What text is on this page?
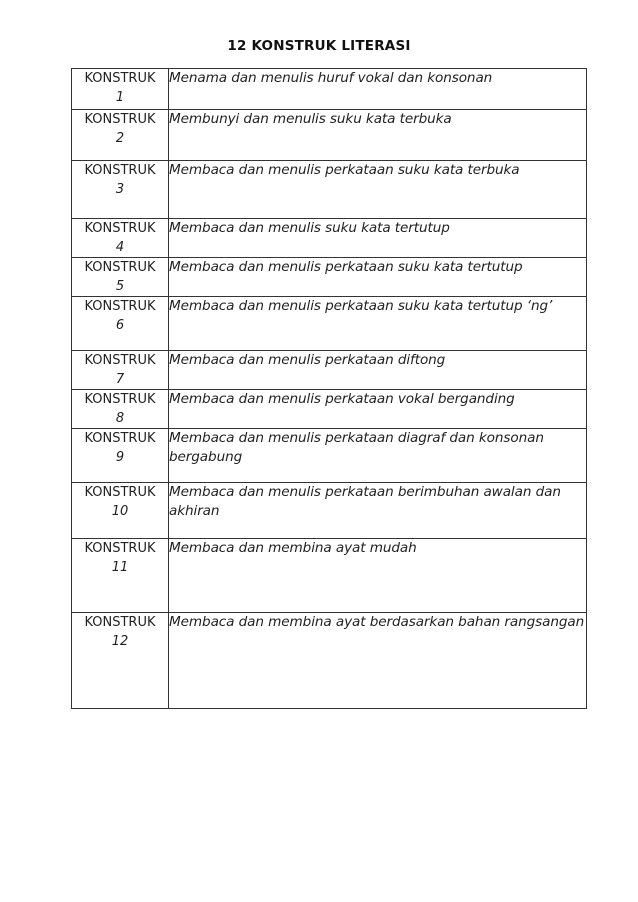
12 KONSTRUK LITERASI
KONSTRUK
1	Menama dan menulis huruf vokal dan konsonan

KONSTRUK
2	Membunyi dan menulis suku kata terbuka

KONSTRUK
3	Membaca dan menulis perkataan suku kata terbuka

KONSTRUK
4	Membaca dan menulis suku kata tertutup

KONSTRUK
5	Membaca dan menulis perkataan suku kata tertutup

KONSTRUK
6	Membaca dan menulis perkataan suku kata tertutup ‘ng’

KONSTRUK
7	Membaca dan menulis perkataan diftong

KONSTRUK
8	Membaca dan menulis perkataan vokal berganding

KONSTRUK
9	Membaca dan menulis perkataan diagraf dan konsonan bergabung

KONSTRUK
10	Membaca dan menulis perkataan berimbuhan awalan dan akhiran

KONSTRUK
11	Membaca dan membina ayat mudah

KONSTRUK
12	Membaca dan membina ayat berdasarkan bahan rangsangan
